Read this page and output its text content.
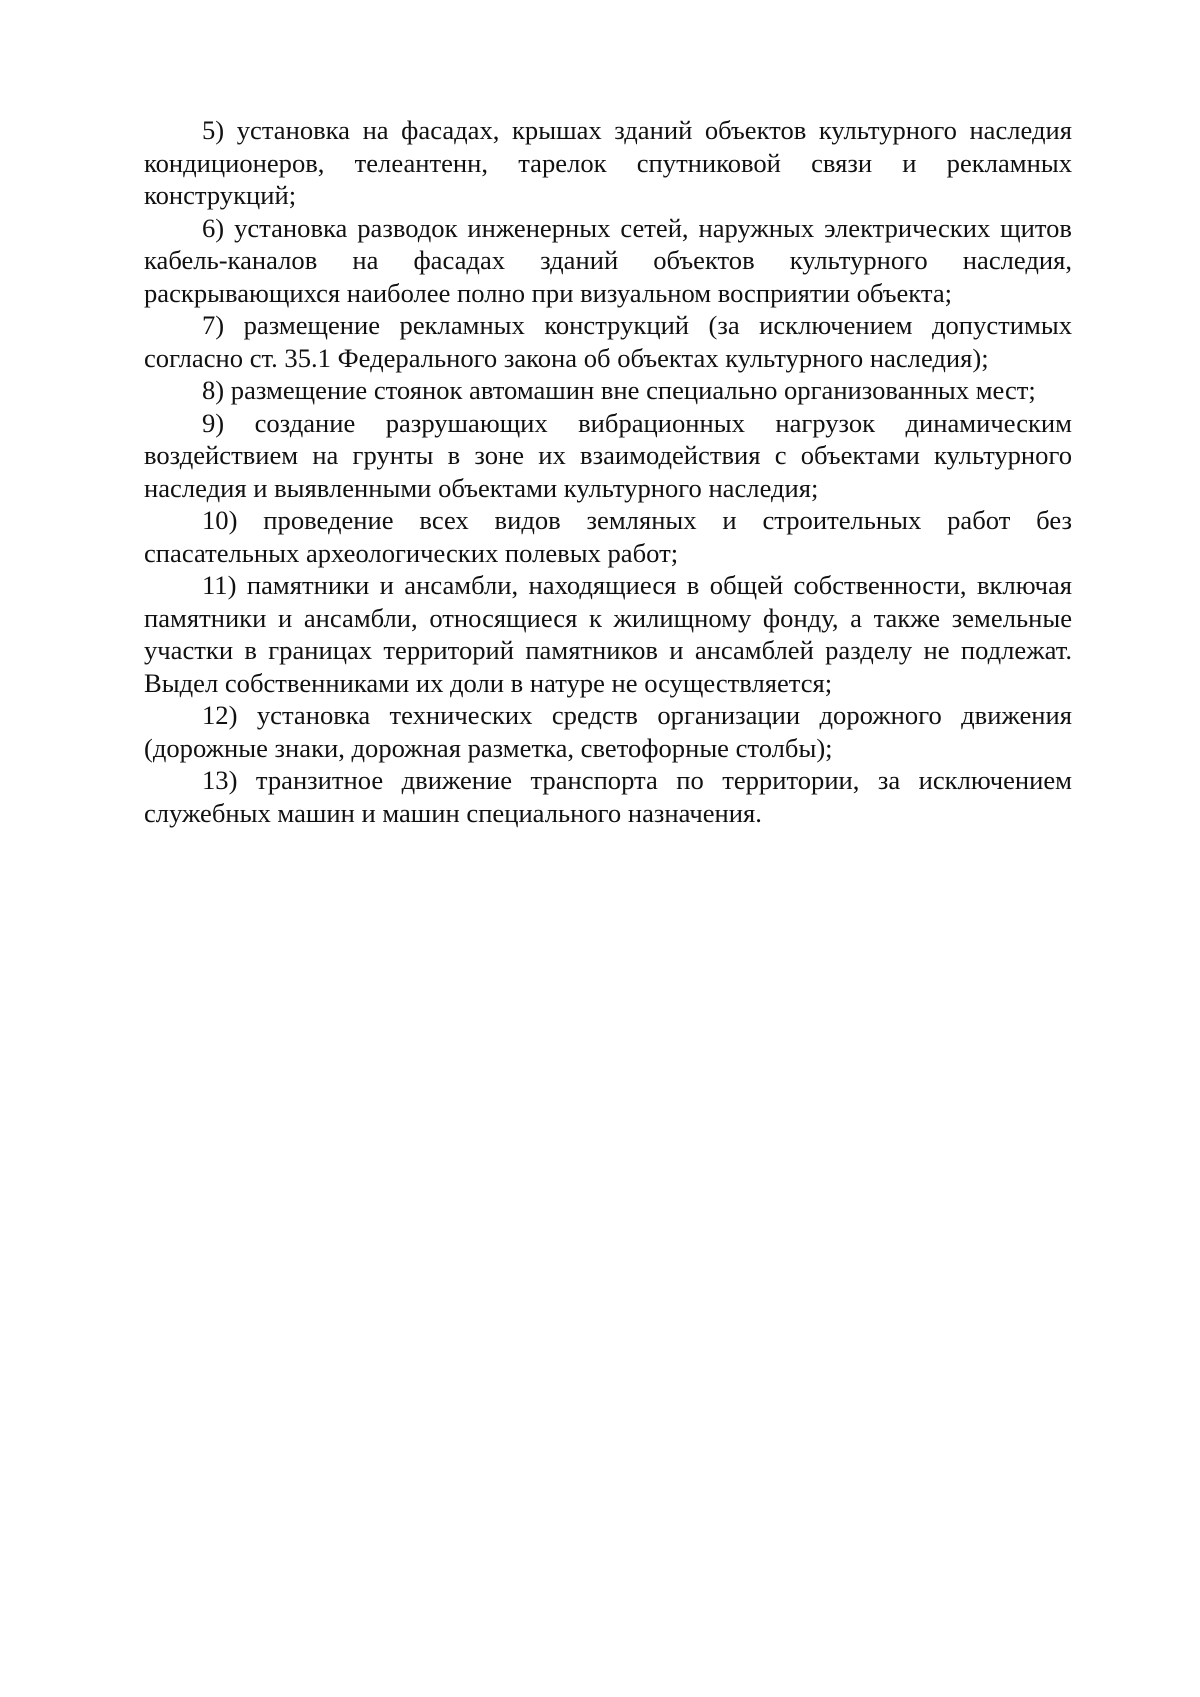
5) установка на фасадах, крышах зданий объектов культурного наследия кондиционеров, телеантенн, тарелок спутниковой связи и рекламных конструкций;

6) установка разводок инженерных сетей, наружных электрических щитов кабель-каналов на фасадах зданий объектов культурного наследия, раскрывающихся наиболее полно при визуальном восприятии объекта;

7) размещение рекламных конструкций (за исключением допустимых согласно ст. 35.1 Федерального закона об объектах культурного наследия);

8) размещение стоянок автомашин вне специально организованных мест;

9) создание разрушающих вибрационных нагрузок динамическим воздействием на грунты в зоне их взаимодействия с объектами культурного наследия и выявленными объектами культурного наследия;

10) проведение всех видов земляных и строительных работ без спасательных археологических полевых работ;

11) памятники и ансамбли, находящиеся в общей собственности, включая памятники и ансамбли, относящиеся к жилищному фонду, а также земельные участки в границах территорий памятников и ансамблей разделу не подлежат. Выдел собственниками их доли в натуре не осуществляется;

12) установка технических средств организации дорожного движения (дорожные знаки, дорожная разметка, светофорные столбы);

13) транзитное движение транспорта по территории, за исключением служебных машин и машин специального назначения.
